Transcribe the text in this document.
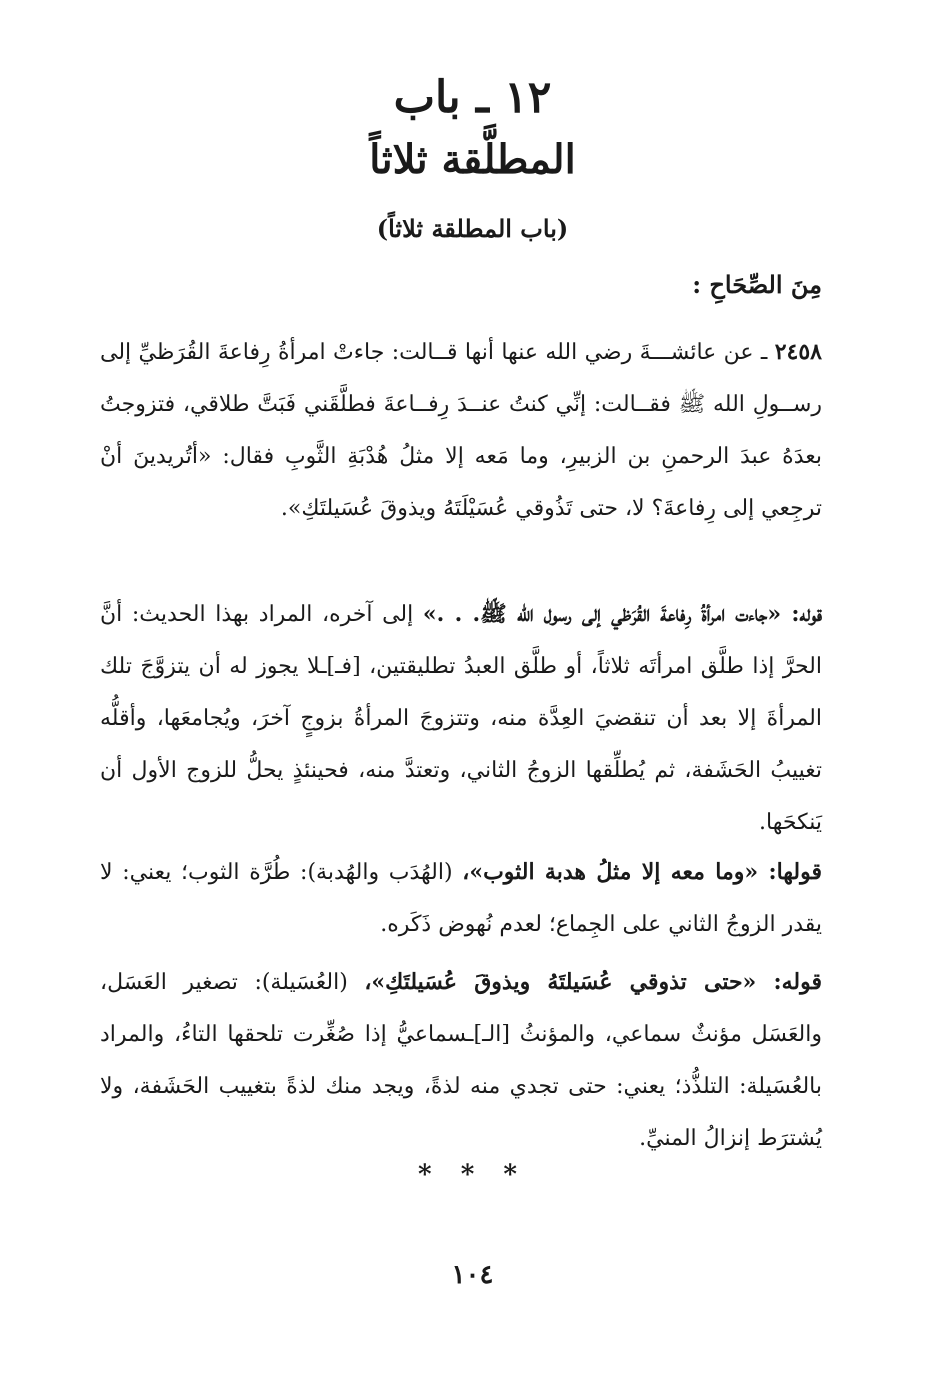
١٢ ـ باب
المطلَّقة ثلاثاً
(باب المطلقة ثلاثاً)
مِنَ الصِّحَاحِ :
٢٤٥٨ ـ عن عائشـــةَ رضي الله عنها أنها قــالت: جاءتْ امرأةُ رِفاعةَ القُرَظيِّ إلى رســولِ الله ﷺ فقــالت: إنِّي كنتُ عنــدَ رِفــاعةَ فطلَّقَني فَبَتَّ طلاقي، فتزوجتُ بعدَهُ عبدَ الرحمنِ بن الزبيرِ، وما مَعه إلا مثلُ هُدْبَةِ الثَّوبِ فقال: «أتُريدينَ أنْ ترجِعي إلى رِفاعةَ؟ لا، حتى تَذُوقي عُسَيْلَتَهُ ويذوقَ عُسَيلتَكِ».
قوله: «جاءت امرأةُ رِفاعةَ القُرَظي إلى رسول الله ﷺ. . .» إلى آخره، المراد بهذا الحديث: أنَّ الحرَّ إذا طلَّق امرأتَه ثلاثاً، أو طلَّق العبدُ تطليقتين، [فـ]ـلا يجوز له أن يتزوَّجَ تلك المرأةَ إلا بعد أن تنقضيَ العِدَّة منه، وتتزوجَ المرأةُ بزوجٍ آخرَ، ويُجامعَها، وأقلُّه تغييبُ الحَشَفة، ثم يُطلِّقها الزوجُ الثاني، وتعتدَّ منه، فحينئذٍ يحلُّ للزوج الأول أن يَنكحَها.
قولها: «وما معه إلا مثلُ هدبة الثوب»، (الهُدَب والهُدبة): طُرَّة الثوب؛ يعني: لا يقدر الزوجُ الثاني على الجِماع؛ لعدم نُهوض ذَكَره.
قوله: «حتى تذوقي عُسَيلتَهُ ويذوقَ عُسَيلتَكِ»، (العُسَيلة): تصغير العَسَل، والعَسَل مؤنثٌ سماعي، والمؤنثُ [الـ]ـسماعيُّ إذا صُغِّرت تلحقها التاءُ، والمراد بالعُسَيلة: التلذُّذ؛ يعني: حتى تجدي منه لذةً، ويجد منك لذةً بتغييب الحَشَفة، ولا يُشترَط إنزالُ المنيِّ.
* * *
١٠٤
